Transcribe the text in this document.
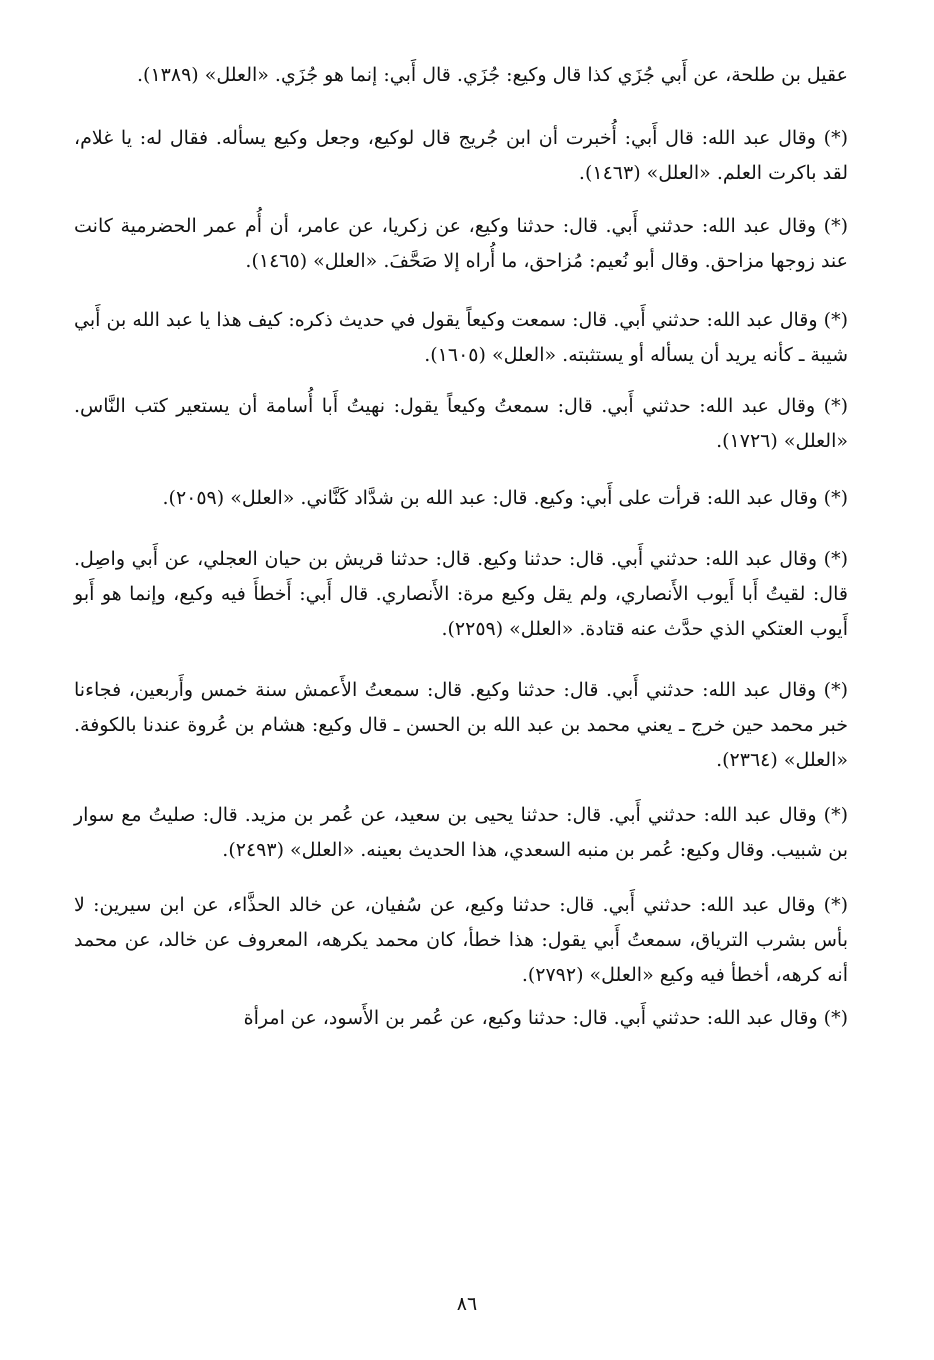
عقيل بن طلحة، عن أَبي جُزَي كذا قال وكيع: جُزَي. قال أَبي: إنما هو جُزَي. «العلل» (١٣٨٩).

(*) وقال عبد الله: قال أَبي: أُخبرت أن ابن جُريج قال لوكيع، وجعل وكيع يسأله. فقال له: يا غلام، لقد باكرت العلم. «العلل» (١٤٦٣).

(*) وقال عبد الله: حدثني أَبي. قال: حدثنا وكيع، عن زكريا، عن عامر، أن أُم عمر الحضرمية كانت عند زوجها مزاحق. وقال أبو نُعيم: مُزاحق، ما أُراه إلا صَحَّفَ. «العلل» (١٤٦٥).

(*) وقال عبد الله: حدثني أَبي. قال: سمعت وكيعاً يقول في حديث ذكره: كيف هذا يا عبد الله بن أَبي شيبة ـ كأنه يريد أن يسأله أو يستثبته. «العلل» (١٦٠٥).

(*) وقال عبد الله: حدثني أَبي. قال: سمعتُ وكيعاً يقول: نهيتُ أَبا أُسامة أن يستعير كتب النَّاس. «العلل» (١٧٢٦).

(*) وقال عبد الله: قرأت على أَبي: وكيع. قال: عبد الله بن شدَّاد كَنَّاني. «العلل» (٢٠٥٩).

(*) وقال عبد الله: حدثني أَبي. قال: حدثنا وكيع. قال: حدثنا قريش بن حيان العجلي، عن أَبي واصِل. قال: لقيتُ أَبا أَيوب الأَنصاري، ولم يقل وكيع مرة: الأَنصاري. قال أَبي: أَخطأَ فيه وكيع، وإنما هو أَبو أَيوب العتكي الذي حدَّث عنه قتادة. «العلل» (٢٢٥٩).

(*) وقال عبد الله: حدثني أَبي. قال: حدثنا وكيع. قال: سمعتُ الأَعمش سنة خمس وأَربعين، فجاءنا خبر محمد حين خرج ـ يعني محمد بن عبد الله بن الحسن ـ قال وكيع: هشام بن عُروة عندنا بالكوفة. «العلل» (٢٣٦٤).

(*) وقال عبد الله: حدثني أَبي. قال: حدثنا يحيى بن سعيد، عن عُمر بن مزيد. قال: صليتُ مع سوار بن شبيب. وقال وكيع: عُمر بن منبه السعدي، هذا الحديث بعينه. «العلل» (٢٤٩٣).

(*) وقال عبد الله: حدثني أَبي. قال: حدثنا وكيع، عن سُفيان، عن خالد الحذَّاء، عن ابن سيرين: لا بأس بشرب الترياق، سمعتُ أَبي يقول: هذا خطأ، كان محمد يكرهه، المعروف عن خالد، عن محمد أنه كرهه، أخطأ فيه وكيع «العلل» (٢٧٩٢).

(*) وقال عبد الله: حدثني أَبي. قال: حدثنا وكيع، عن عُمر بن الأَسود، عن امرأة

٨٦
